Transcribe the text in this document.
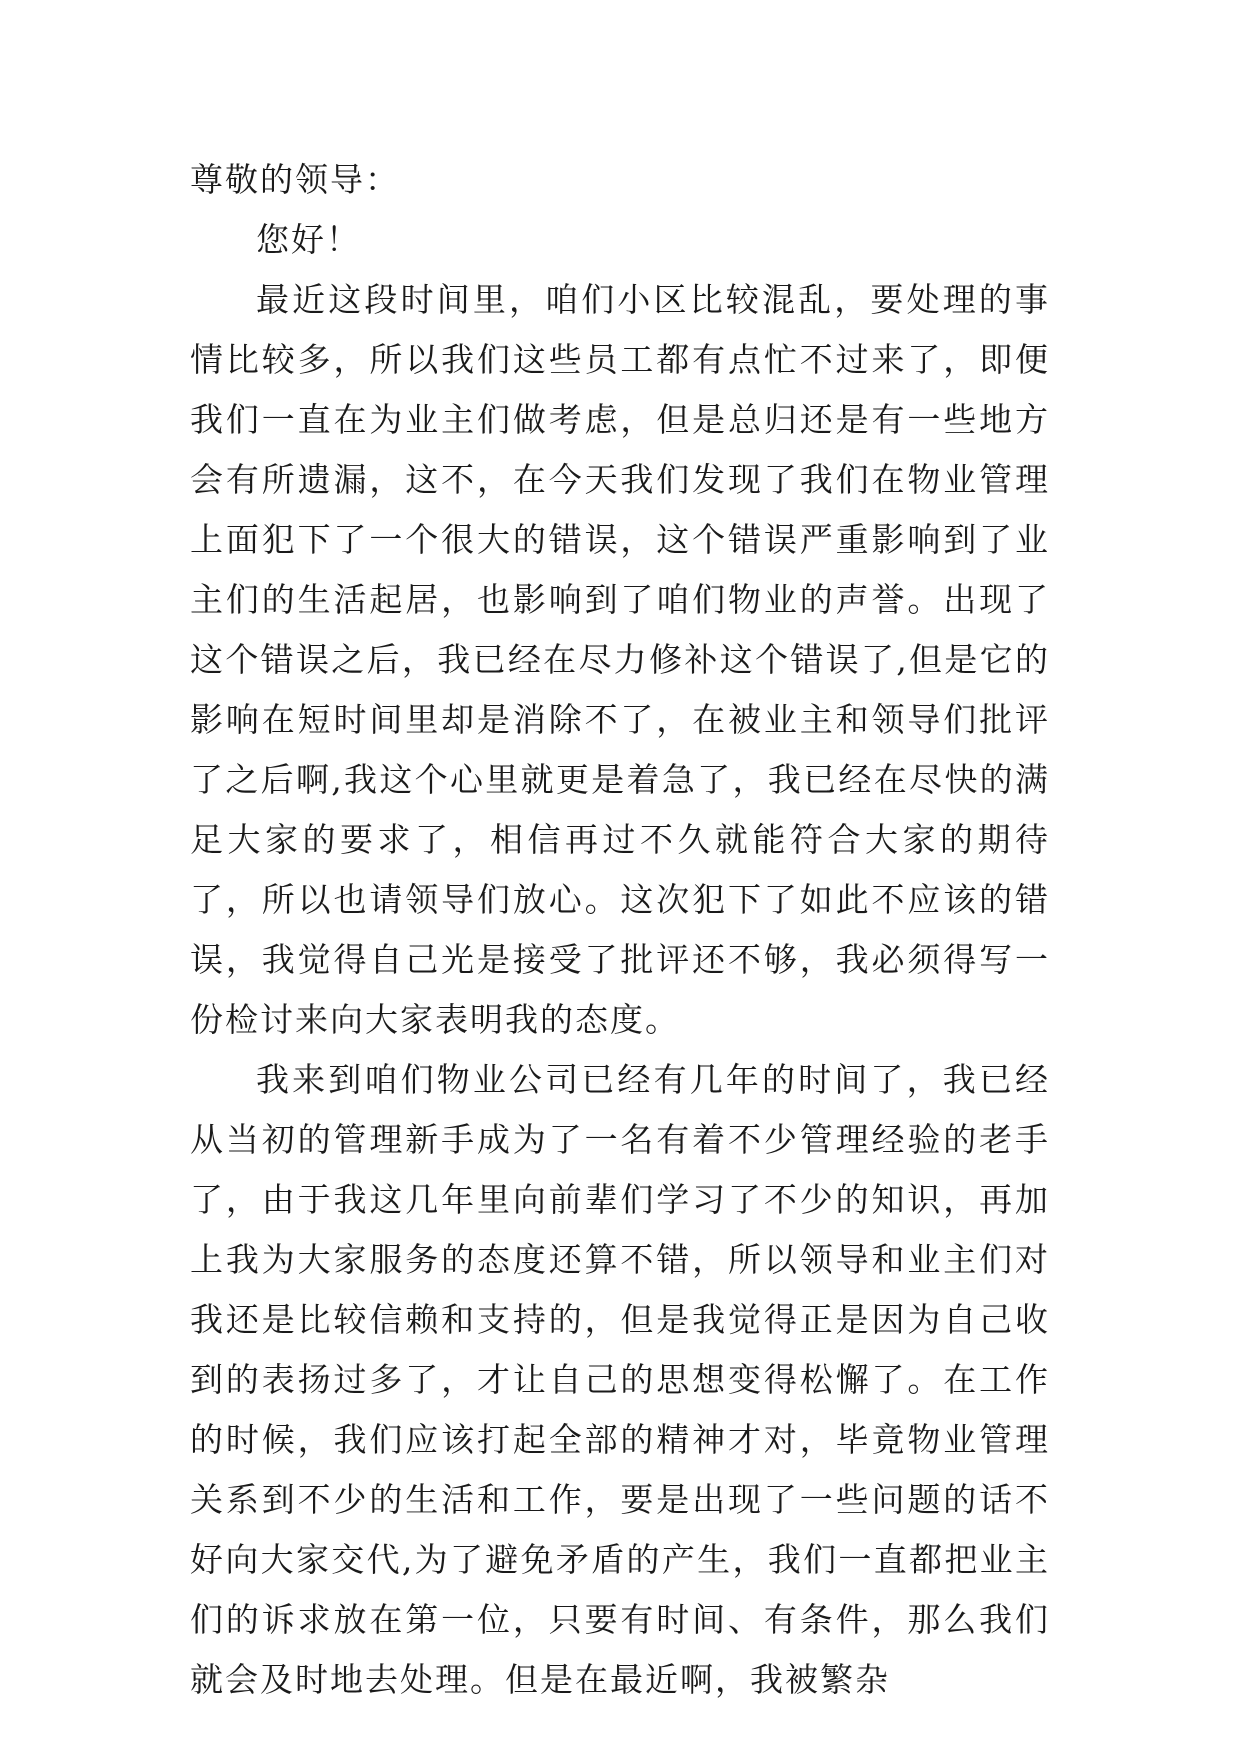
尊敬的领导：

您好！

最近这段时间里，咱们小区比较混乱，要处理的事情比较多，所以我们这些员工都有点忙不过来了，即便我们一直在为业主们做考虑，但是总归还是有一些地方会有所遗漏，这不，在今天我们发现了我们在物业管理上面犯下了一个很大的错误，这个错误严重影响到了业主们的生活起居，也影响到了咱们物业的声誉。出现了这个错误之后，我已经在尽力修补这个错误了,但是它的影响在短时间里却是消除不了，在被业主和领导们批评了之后啊,我这个心里就更是着急了，我已经在尽快的满足大家的要求了，相信再过不久就能符合大家的期待了，所以也请领导们放心。这次犯下了如此不应该的错误，我觉得自己光是接受了批评还不够，我必须得写一份检讨来向大家表明我的态度。

我来到咱们物业公司已经有几年的时间了，我已经从当初的管理新手成为了一名有着不少管理经验的老手了，由于我这几年里向前辈们学习了不少的知识，再加上我为大家服务的态度还算不错，所以领导和业主们对我还是比较信赖和支持的，但是我觉得正是因为自己收到的表扬过多了，才让自己的思想变得松懈了。在工作的时候，我们应该打起全部的精神才对，毕竟物业管理关系到不少的生活和工作，要是出现了一些问题的话不好向大家交代,为了避免矛盾的产生，我们一直都把业主们的诉求放在第一位，只要有时间、有条件，那么我们就会及时地去处理。但是在最近啊，我被繁杂
